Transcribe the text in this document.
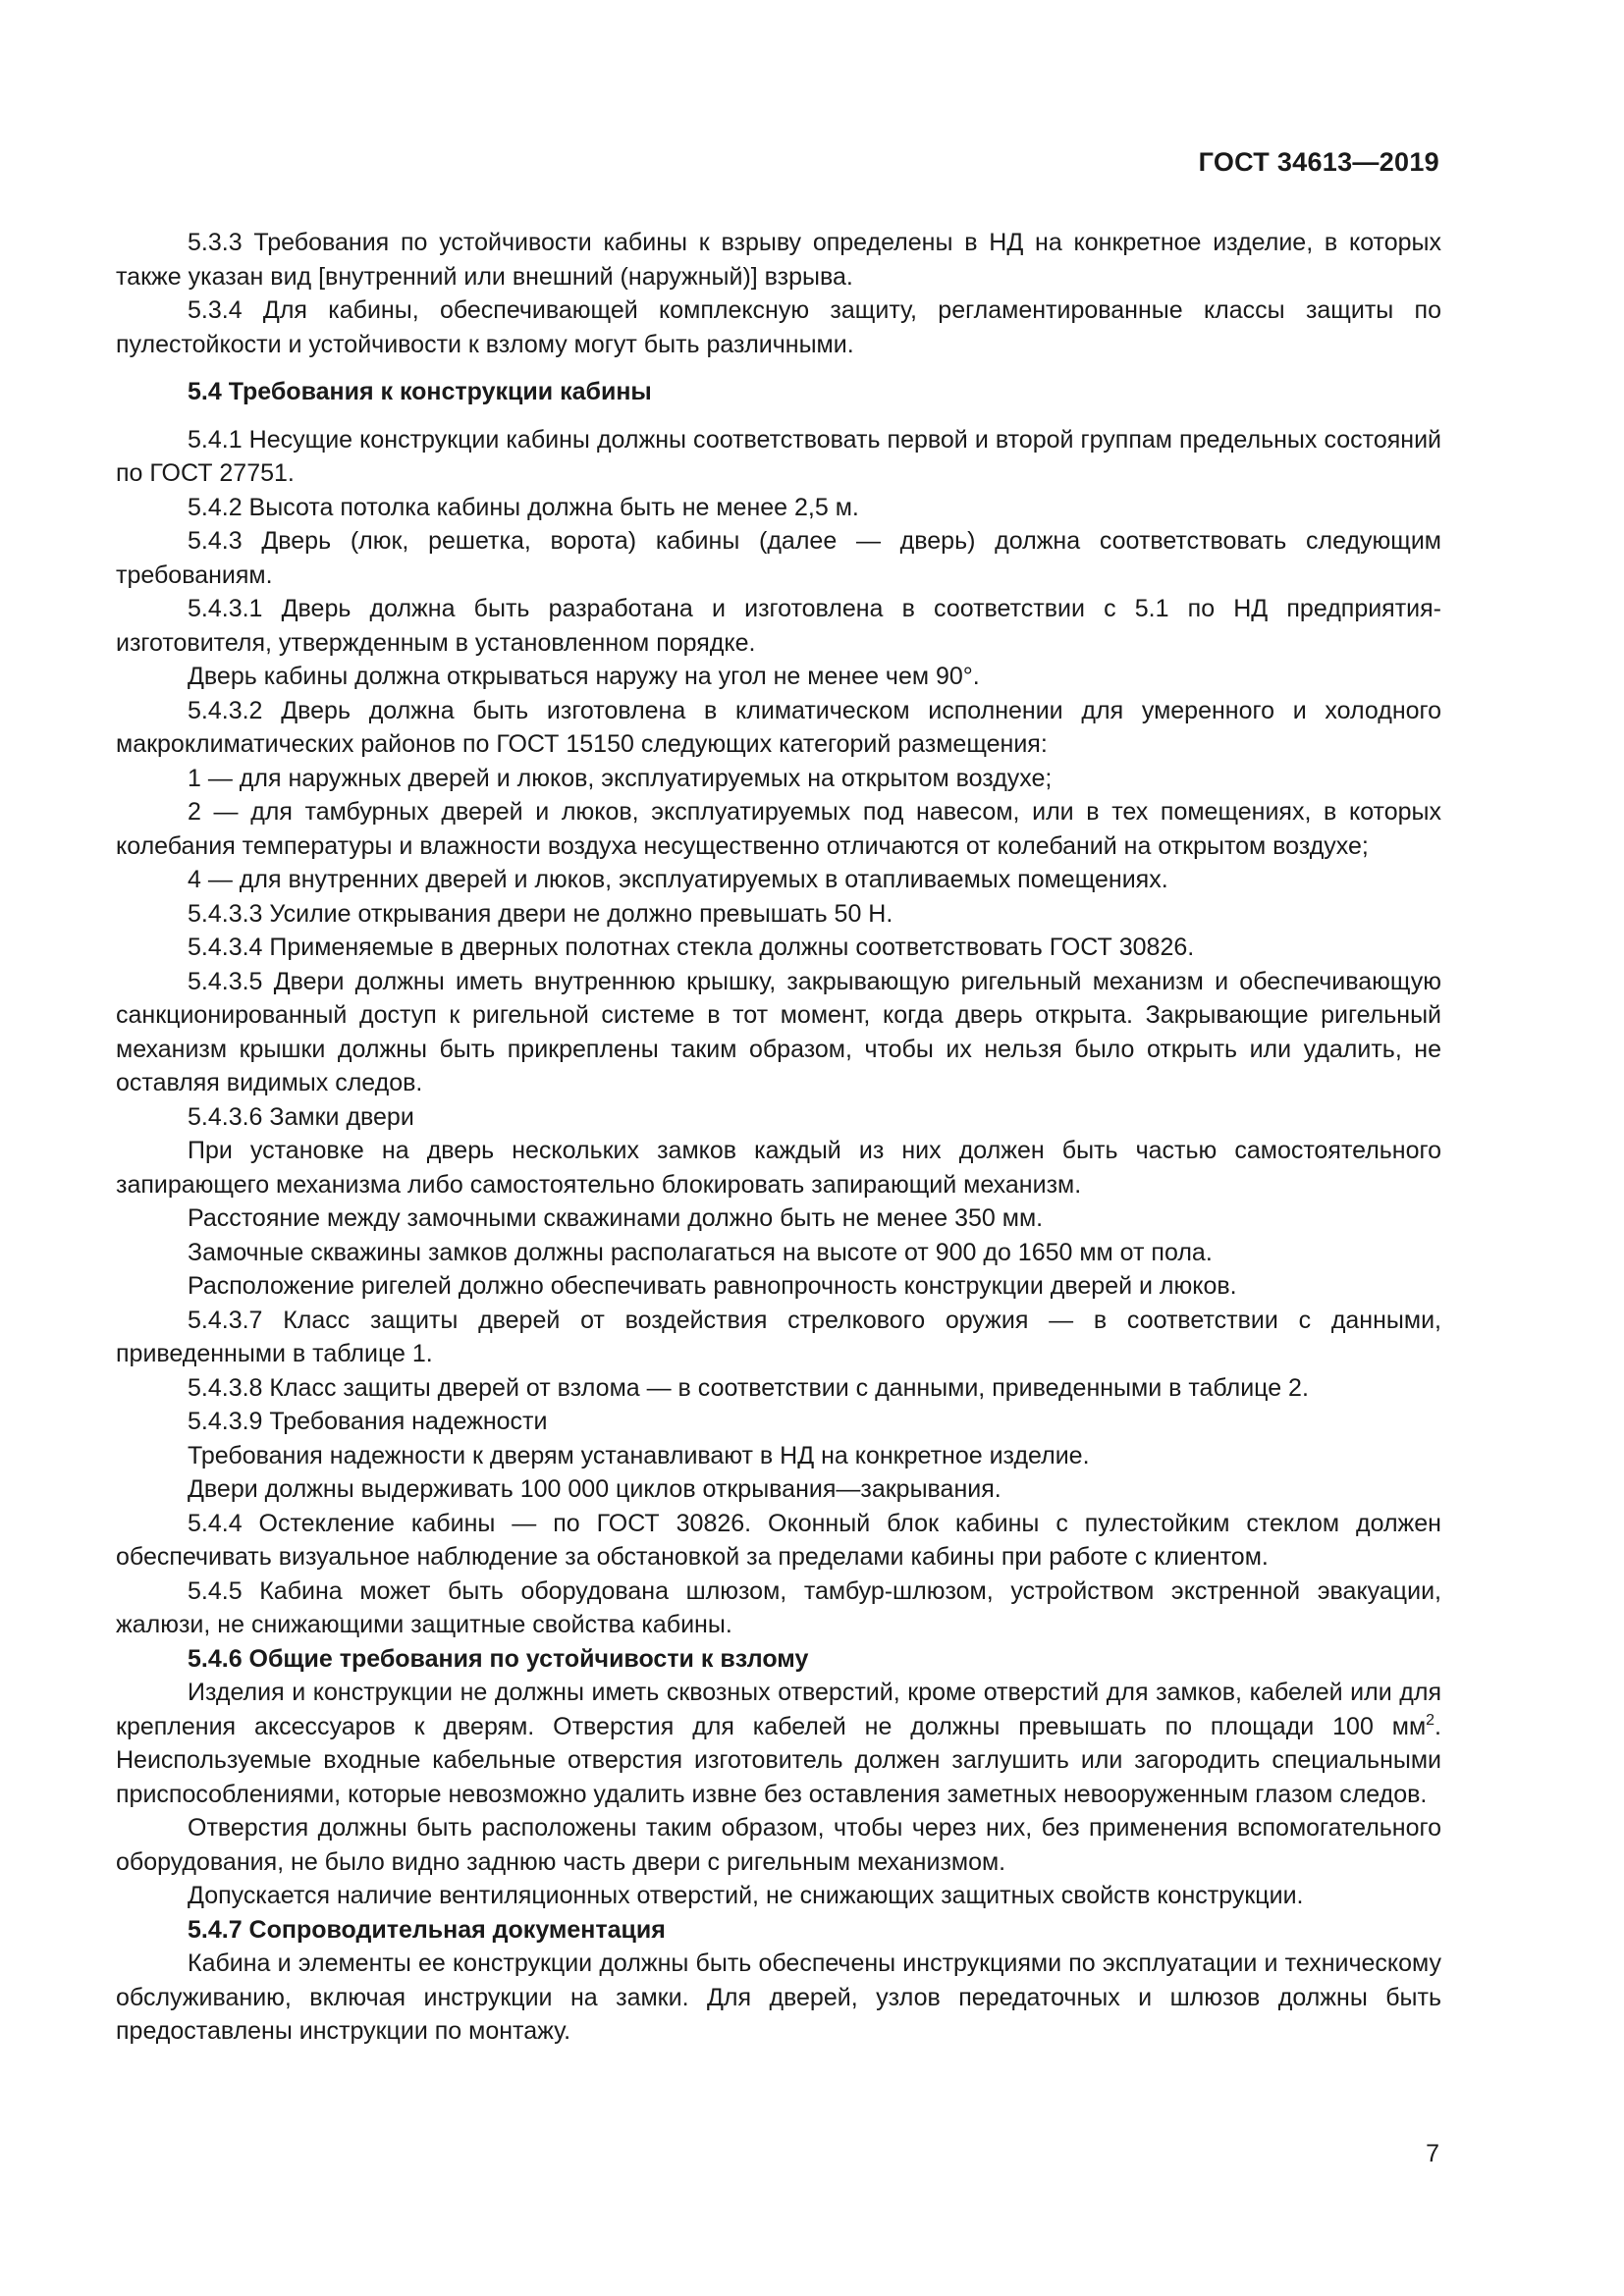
ГОСТ 34613—2019

5.3.3 Требования по устойчивости кабины к взрыву определены в НД на конкретное изделие, в которых также указан вид [внутренний или внешний (наружный)] взрыва.

5.3.4 Для кабины, обеспечивающей комплексную защиту, регламентированные классы защиты по пулестойкости и устойчивости к взлому могут быть различными.

5.4 Требования к конструкции кабины

5.4.1 Несущие конструкции кабины должны соответствовать первой и второй группам предельных состояний по ГОСТ 27751.

5.4.2 Высота потолка кабины должна быть не менее 2,5 м.

5.4.3 Дверь (люк, решетка, ворота) кабины (далее — дверь) должна соответствовать следующим требованиям.

5.4.3.1 Дверь должна быть разработана и изготовлена в соответствии с 5.1 по НД предприятия-изготовителя, утвержденным в установленном порядке.

Дверь кабины должна открываться наружу на угол не менее чем 90°.

5.4.3.2 Дверь должна быть изготовлена в климатическом исполнении для умеренного и холодного макроклиматических районов по ГОСТ 15150 следующих категорий размещения:

1 — для наружных дверей и люков, эксплуатируемых на открытом воздухе;

2 — для тамбурных дверей и люков, эксплуатируемых под навесом, или в тех помещениях, в которых колебания температуры и влажности воздуха несущественно отличаются от колебаний на открытом воздухе;

4 — для внутренних дверей и люков, эксплуатируемых в отапливаемых помещениях.

5.4.3.3 Усилие открывания двери не должно превышать 50 Н.

5.4.3.4 Применяемые в дверных полотнах стекла должны соответствовать ГОСТ 30826.

5.4.3.5 Двери должны иметь внутреннюю крышку, закрывающую ригельный механизм и обеспечивающую санкционированный доступ к ригельной системе в тот момент, когда дверь открыта. Закрывающие ригельный механизм крышки должны быть прикреплены таким образом, чтобы их нельзя было открыть или удалить, не оставляя видимых следов.

5.4.3.6 Замки двери

При установке на дверь нескольких замков каждый из них должен быть частью самостоятельного запирающего механизма либо самостоятельно блокировать запирающий механизм.

Расстояние между замочными скважинами должно быть не менее 350 мм.

Замочные скважины замков должны располагаться на высоте от 900 до 1650 мм от пола.

Расположение ригелей должно обеспечивать равнопрочность конструкции дверей и люков.

5.4.3.7 Класс защиты дверей от воздействия стрелкового оружия — в соответствии с данными, приведенными в таблице 1.

5.4.3.8 Класс защиты дверей от взлома — в соответствии с данными, приведенными в таблице 2.

5.4.3.9 Требования надежности

Требования надежности к дверям устанавливают в НД на конкретное изделие.

Двери должны выдерживать 100 000 циклов открывания—закрывания.

5.4.4 Остекление кабины — по ГОСТ 30826. Оконный блок кабины с пулестойким стеклом должен обеспечивать визуальное наблюдение за обстановкой за пределами кабины при работе с клиентом.

5.4.5 Кабина может быть оборудована шлюзом, тамбур-шлюзом, устройством экстренной эвакуации, жалюзи, не снижающими защитные свойства кабины.

5.4.6 Общие требования по устойчивости к взлому

Изделия и конструкции не должны иметь сквозных отверстий, кроме отверстий для замков, кабелей или для крепления аксессуаров к дверям. Отверстия для кабелей не должны превышать по площади 100 $мм^2$. Неиспользуемые входные кабельные отверстия изготовитель должен заглушить или загородить специальными приспособлениями, которые невозможно удалить извне без оставления заметных невооруженным глазом следов.

Отверстия должны быть расположены таким образом, чтобы через них, без применения вспомогательного оборудования, не было видно заднюю часть двери с ригельным механизмом.

Допускается наличие вентиляционных отверстий, не снижающих защитных свойств конструкции.

5.4.7 Сопроводительная документация

Кабина и элементы ее конструкции должны быть обеспечены инструкциями по эксплуатации и техническому обслуживанию, включая инструкции на замки. Для дверей, узлов передаточных и шлюзов должны быть предоставлены инструкции по монтажу.

7
